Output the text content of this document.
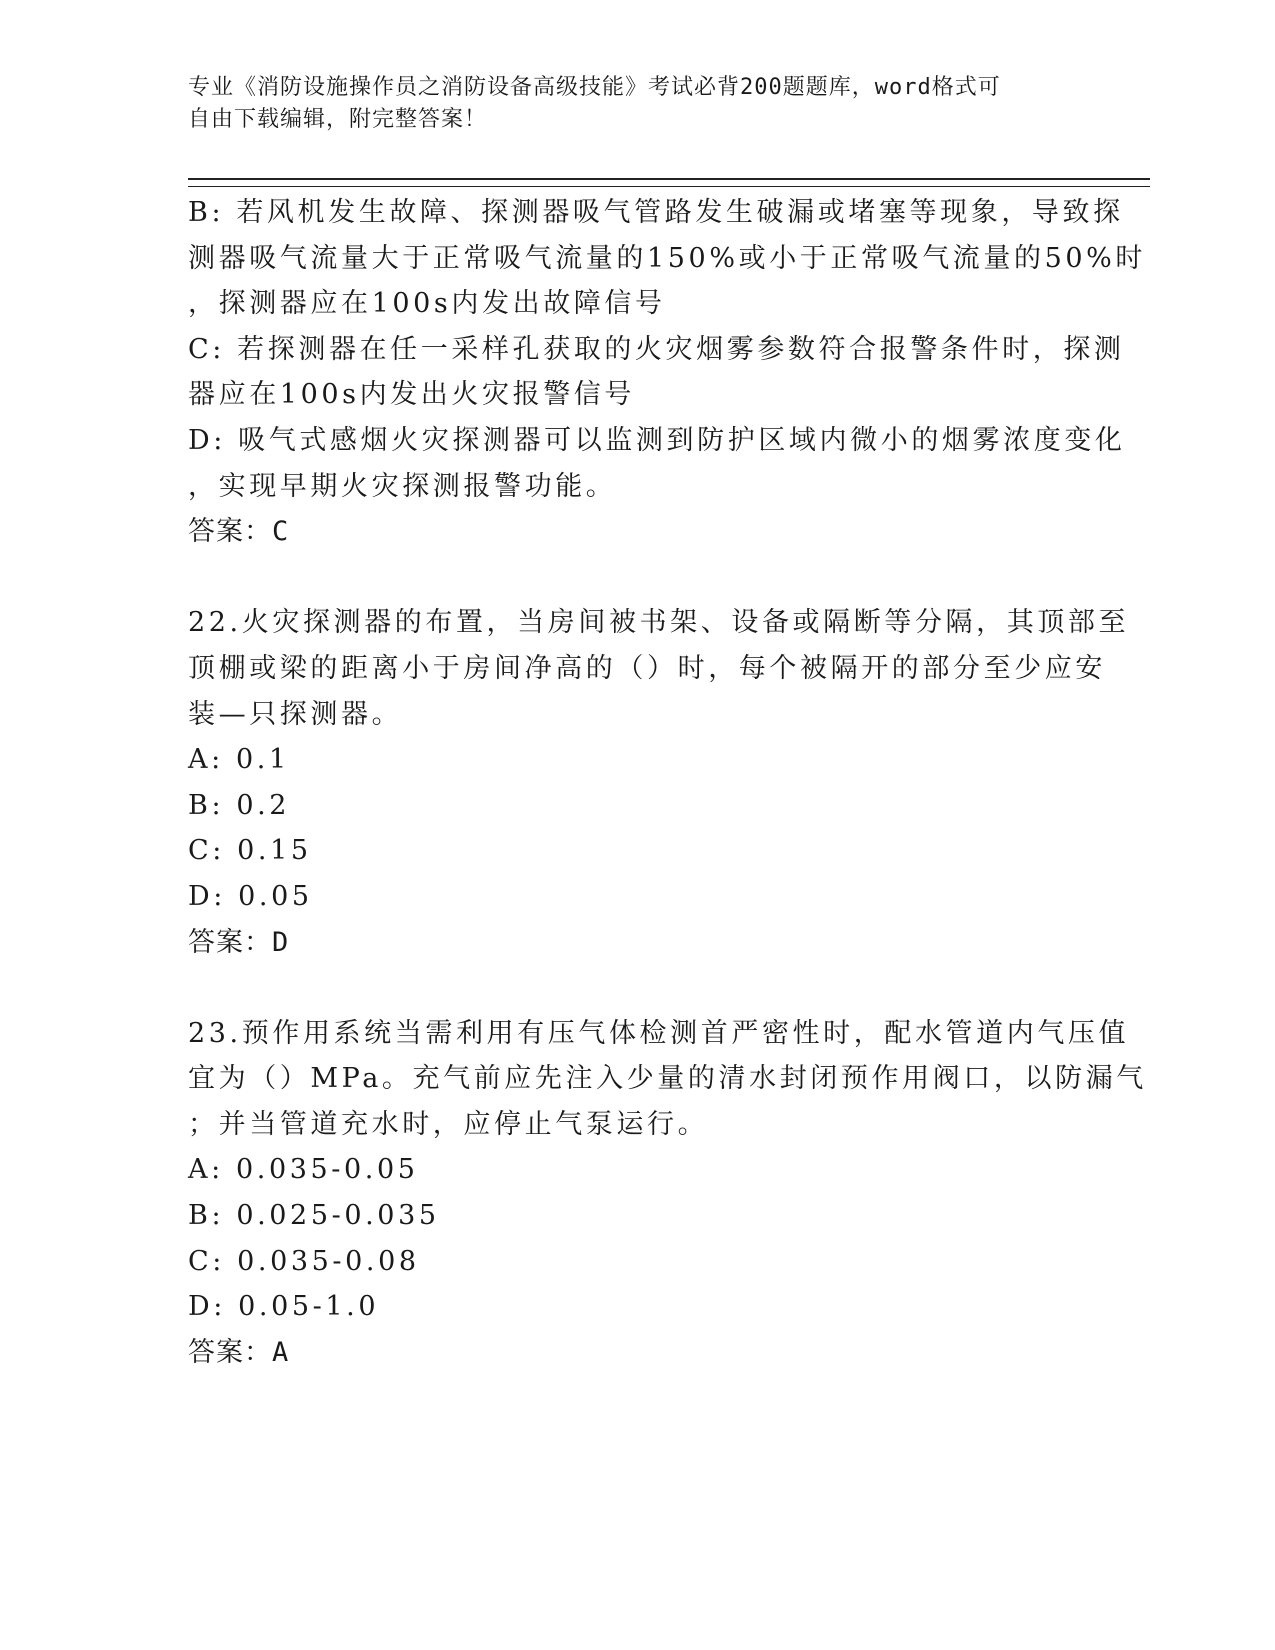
专业《消防设施操作员之消防设备高级技能》考试必背200题题库，word格式可
自由下载编辑，附完整答案！
B: 若风机发生故障、探测器吸气管路发生破漏或堵塞等现象，导致探
测器吸气流量大于正常吸气流量的150%或小于正常吸气流量的50%时
，探测器应在100s内发出故障信号
C: 若探测器在任一采样孔获取的火灾烟雾参数符合报警条件时，探测
器应在100s内发出火灾报警信号
D: 吸气式感烟火灾探测器可以监测到防护区域内微小的烟雾浓度变化
，实现早期火灾探测报警功能。
答案：C
22.火灾探测器的布置，当房间被书架、设备或隔断等分隔，其顶部至
顶棚或梁的距离小于房间净高的（）时，每个被隔开的部分至少应安
装—只探测器。
A: 0.1
B: 0.2
C: 0.15
D: 0.05
答案：D
23.预作用系统当需利用有压气体检测首严密性时，配水管道内气压值
宜为（）MPa。充气前应先注入少量的清水封闭预作用阀口，以防漏气
；并当管道充水时，应停止气泵运行。
A: 0.035-0.05
B: 0.025-0.035
C: 0.035-0.08
D: 0.05-1.0
答案：A
